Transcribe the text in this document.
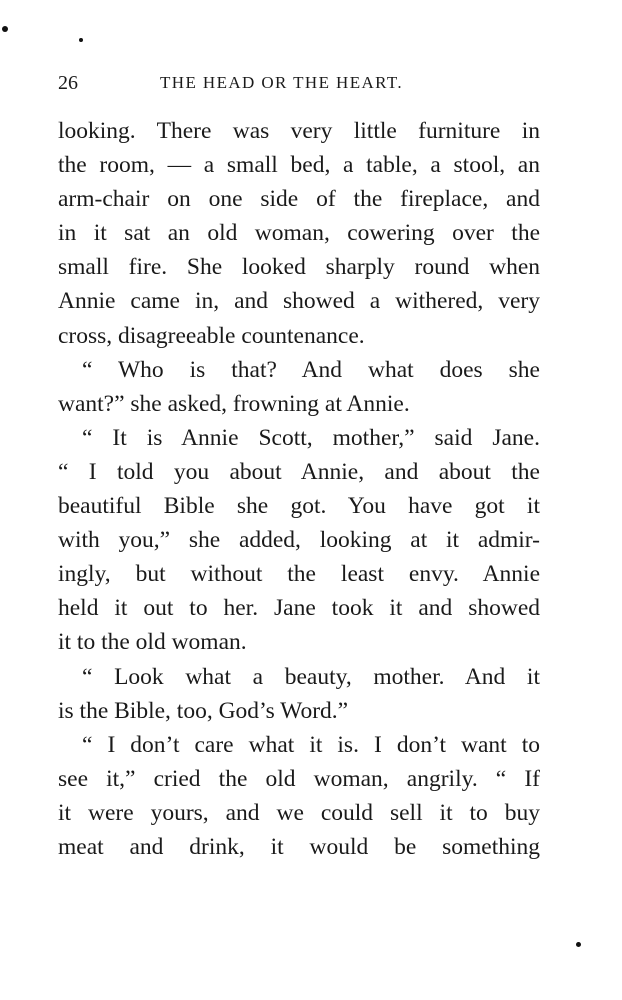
26	THE HEAD OR THE HEART.
looking. There was very little furniture in
the room, — a small bed, a table, a stool, an
arm-chair on one side of the fireplace, and
in it sat an old woman, cowering over the
small fire. She looked sharply round when
Annie came in, and showed a withered, very
cross, disagreeable countenance.
“ Who is that? And what does she
want?” she asked, frowning at Annie.
“ It is Annie Scott, mother,” said Jane.
“ I told you about Annie, and about the
beautiful Bible she got. You have got it
with you,” she added, looking at it admir-
ingly, but without the least envy. Annie
held it out to her. Jane took it and showed
it to the old woman.
“ Look what a beauty, mother. And it
is the Bible, too, God’s Word.”
“ I don’t care what it is. I don’t want to
see it,” cried the old woman, angrily. “ If
it were yours, and we could sell it to buy
meat and drink, it would be something
